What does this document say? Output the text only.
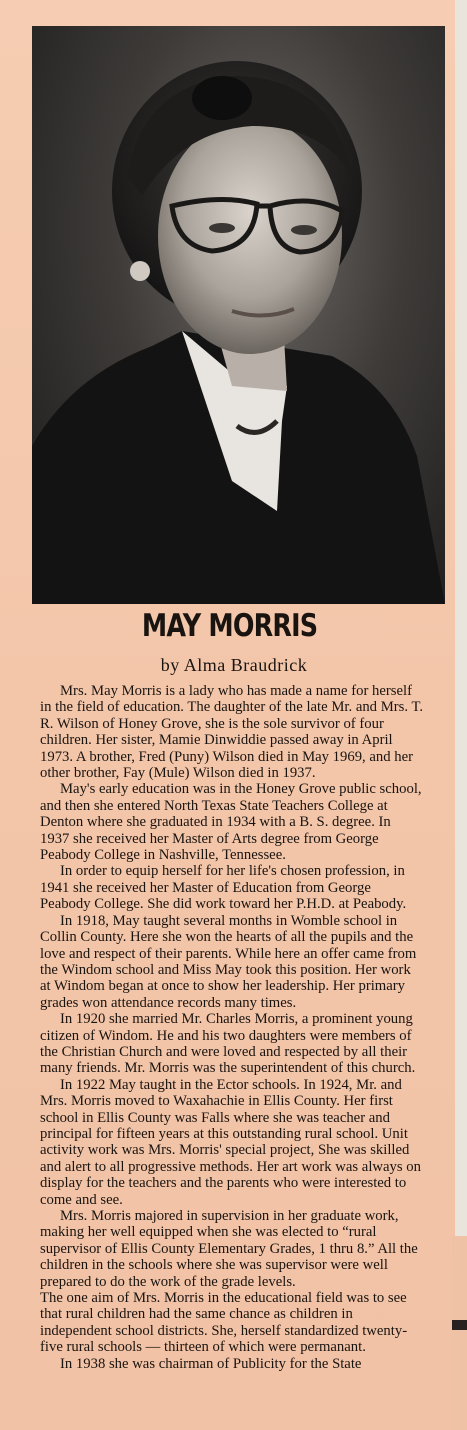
MAY MORRIS
by Alma Braudrick

Mrs. May Morris is a lady who has made a name for herself in the field of education. The daughter of the late Mr. and Mrs. T. R. Wilson of Honey Grove, she is the sole survivor of four children. Her sister, Mamie Dinwiddie passed away in April 1973. A brother, Fred (Puny) Wilson died in May 1969, and her other brother, Fay (Mule) Wilson died in 1937.

May's early education was in the Honey Grove public school, and then she entered North Texas State Teachers College at Denton where she graduated in 1934 with a B. S. degree. In 1937 she received her Master of Arts degree from George Peabody College in Nashville, Tennessee.

In order to equip herself for her life's chosen profession, in 1941 she received her Master of Education from George Peabody College. She did work toward her P.H.D. at Peabody.

In 1918, May taught several months in Womble school in Collin County. Here she won the hearts of all the pupils and the love and respect of their parents. While here an offer came from the Windom school and Miss May took this position. Her work at Windom began at once to show her leadership. Her primary grades won attendance records many times.

In 1920 she married Mr. Charles Morris, a prominent young citizen of Windom. He and his two daughters were members of the Christian Church and were loved and respected by all their many friends. Mr. Morris was the superintendent of this church.

In 1922 May taught in the Ector schools. In 1924, Mr. and Mrs. Morris moved to Waxahachie in Ellis County. Her first school in Ellis County was Falls where she was teacher and principal for fifteen years at this outstanding rural school. Unit activity work was Mrs. Morris' special project, She was skilled and alert to all progressive methods. Her art work was always on display for the teachers and the parents who were interested to come and see.

Mrs. Morris majored in supervision in her graduate work, making her well equipped when she was elected to “rural supervisor of Ellis County Elementary Grades, 1 thru 8.” All the children in the schools where she was supervisor were well prepared to do the work of the grade levels.

The one aim of Mrs. Morris in the educational field was to see that rural children had the same chance as children in independent school districts. She, herself standardized twenty-five rural schools — thirteen of which were permanant.

In 1938 she was chairman of Publicity for the State
